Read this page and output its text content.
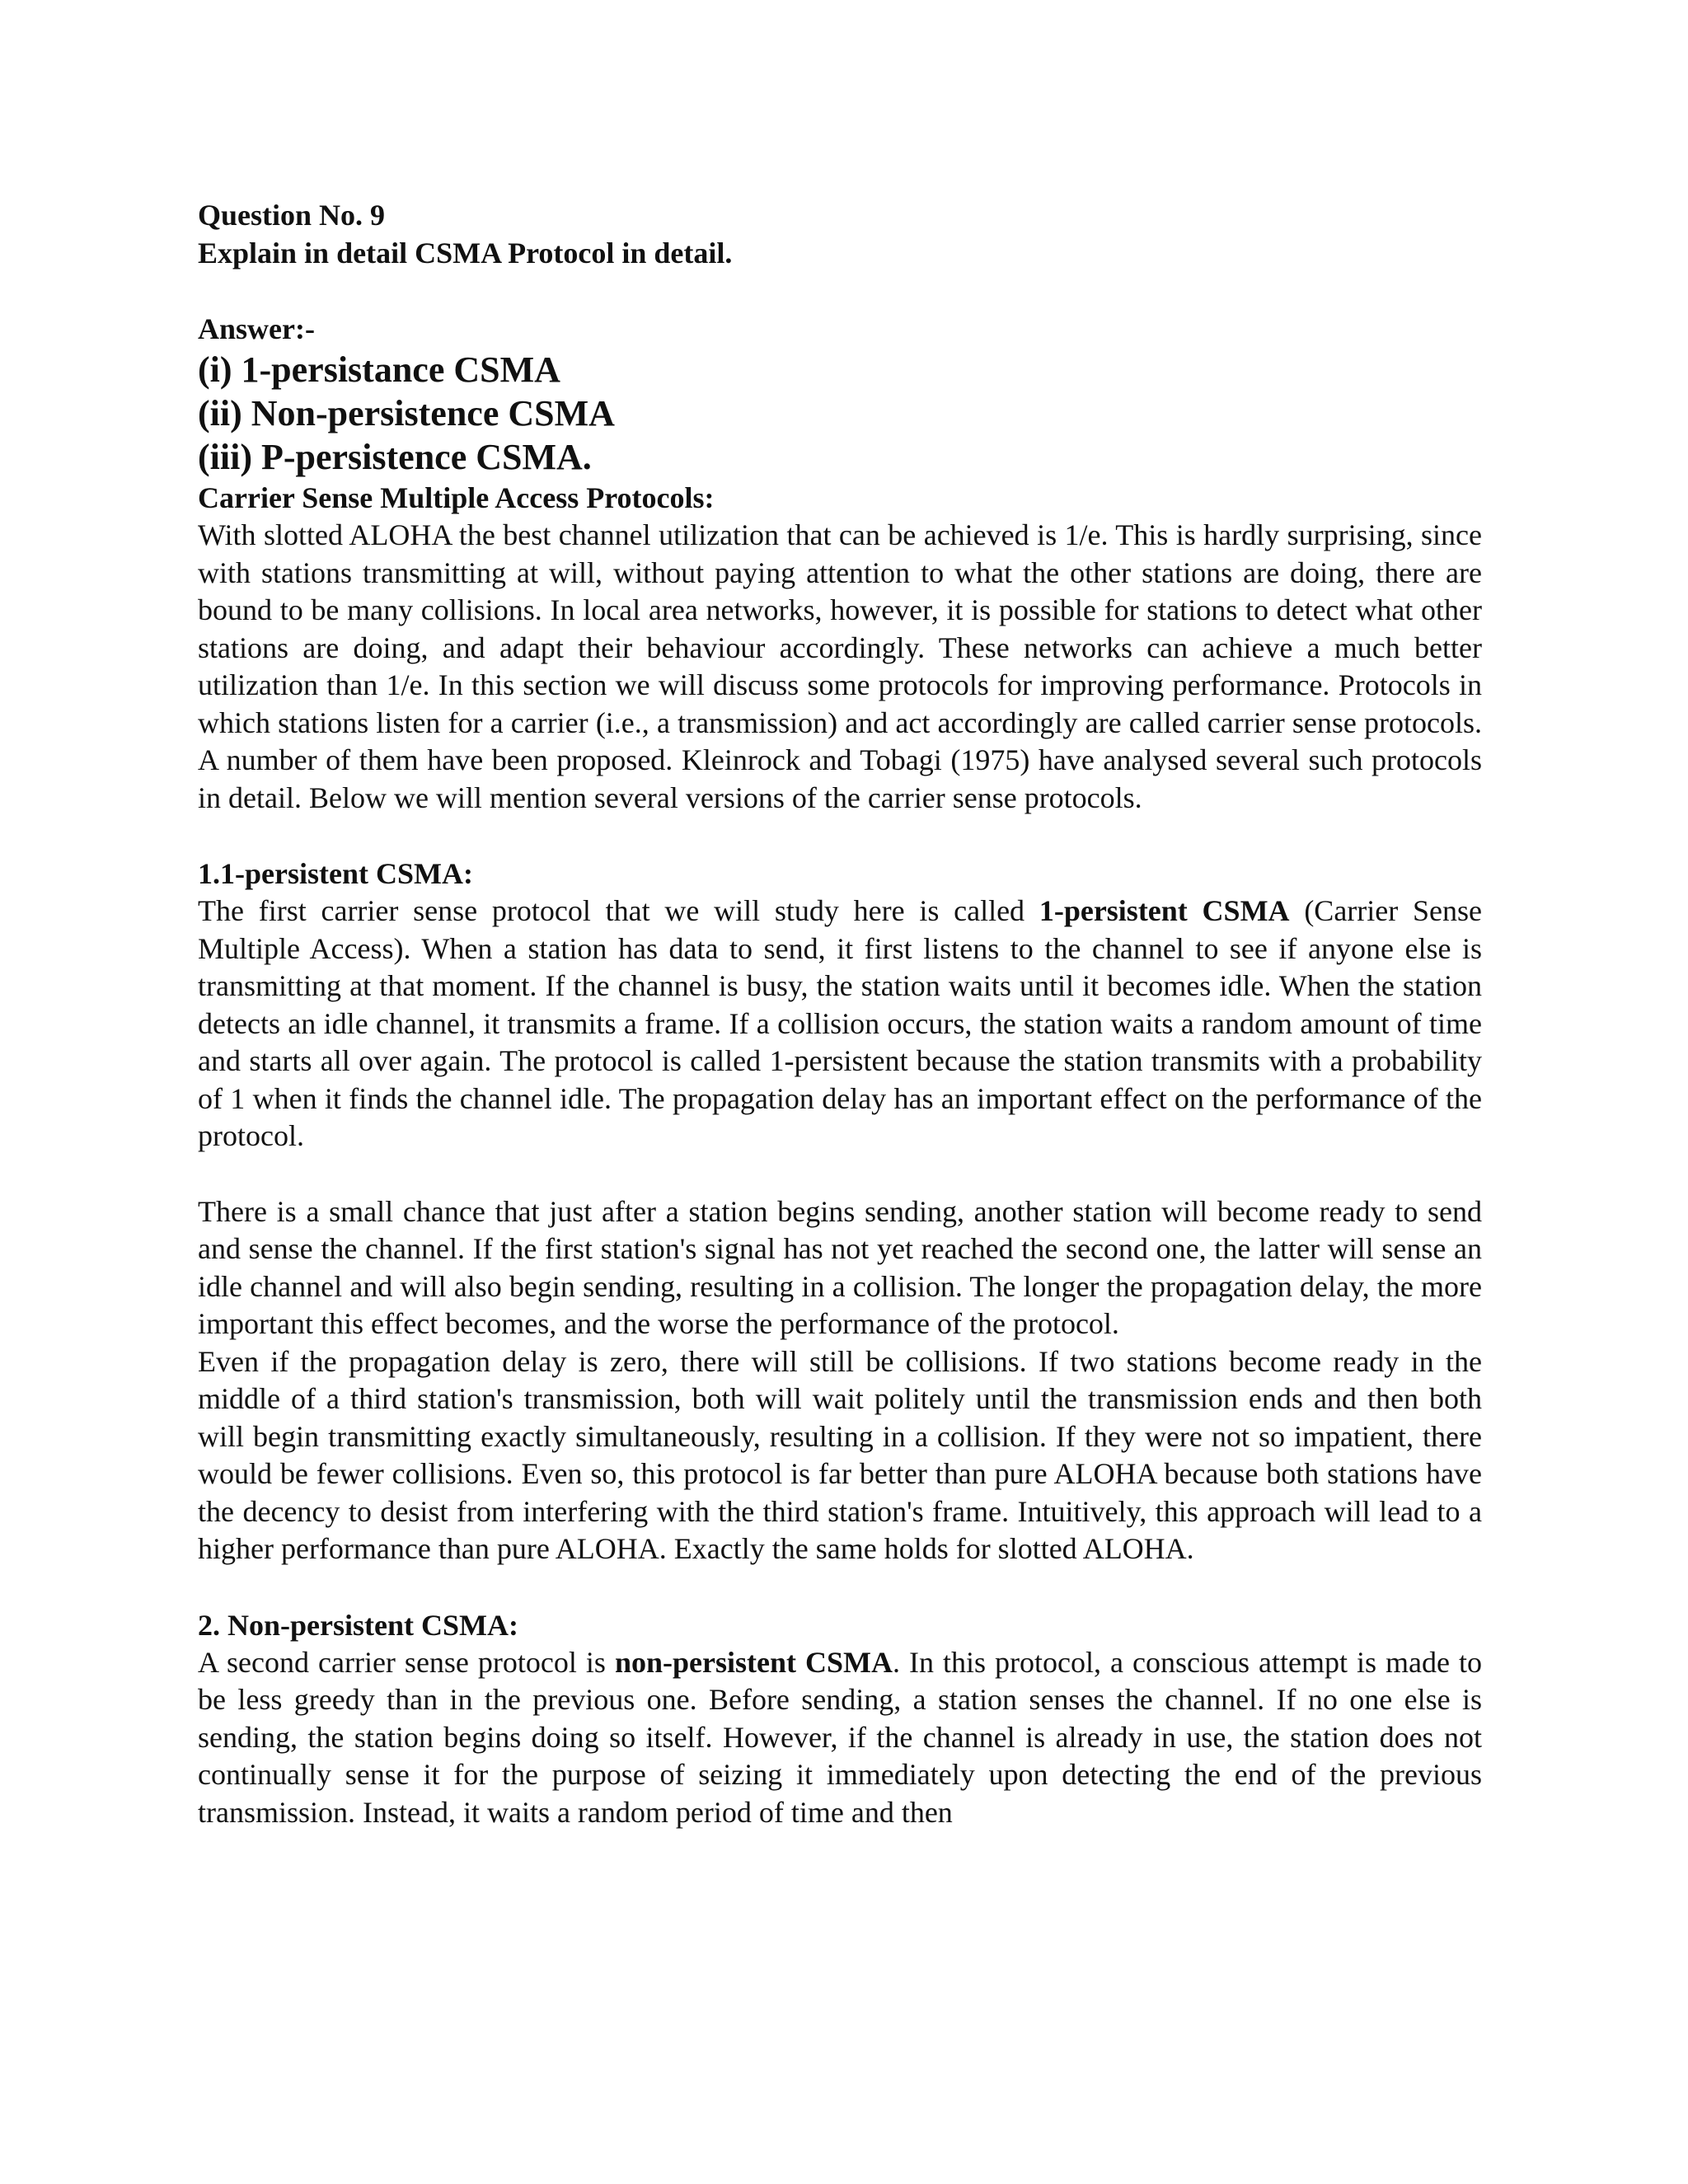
Question No. 9

Explain in detail CSMA Protocol in detail.

Answer:-

(i) 1-persistance CSMA

(ii) Non-persistence CSMA

(iii) P-persistence CSMA.

Carrier Sense Multiple Access Protocols:

With slotted ALOHA the best channel utilization that can be achieved is 1/e. This is hardly surprising, since with stations transmitting at will, without paying attention to what the other stations are doing, there are bound to be many collisions. In local area networks, however, it is possible for stations to detect what other stations are doing, and adapt their behaviour accordingly. These networks can achieve a much better utilization than 1/e. In this section we will discuss some protocols for improving performance. Protocols in which stations listen for a carrier (i.e., a transmission) and act accordingly are called carrier sense protocols. A number of them have been proposed. Kleinrock and Tobagi (1975) have analysed several such protocols in detail. Below we will mention several versions of the carrier sense protocols.

1.1-persistent CSMA:

The first carrier sense protocol that we will study here is called 1-persistent CSMA (Carrier Sense Multiple Access). When a station has data to send, it first listens to the channel to see if anyone else is transmitting at that moment. If the channel is busy, the station waits until it becomes idle. When the station detects an idle channel, it transmits a frame. If a collision occurs, the station waits a random amount of time and starts all over again. The protocol is called 1-persistent because the station transmits with a probability of 1 when it finds the channel idle. The propagation delay has an important effect on the performance of the protocol.

There is a small chance that just after a station begins sending, another station will become ready to send and sense the channel. If the first station's signal has not yet reached the second one, the latter will sense an idle channel and will also begin sending, resulting in a collision. The longer the propagation delay, the more important this effect becomes, and the worse the performance of the protocol.

Even if the propagation delay is zero, there will still be collisions. If two stations become ready in the middle of a third station's transmission, both will wait politely until the transmission ends and then both will begin transmitting exactly simultaneously, resulting in a collision. If they were not so impatient, there would be fewer collisions. Even so, this protocol is far better than pure ALOHA because both stations have the decency to desist from interfering with the third station's frame. Intuitively, this approach will lead to a higher performance than pure ALOHA. Exactly the same holds for slotted ALOHA.

2. Non-persistent CSMA:

A second carrier sense protocol is non-persistent CSMA. In this protocol, a conscious attempt is made to be less greedy than in the previous one. Before sending, a station senses the channel. If no one else is sending, the station begins doing so itself. However, if the channel is already in use, the station does not continually sense it for the purpose of seizing it immediately upon detecting the end of the previous transmission. Instead, it waits a random period of time and then
